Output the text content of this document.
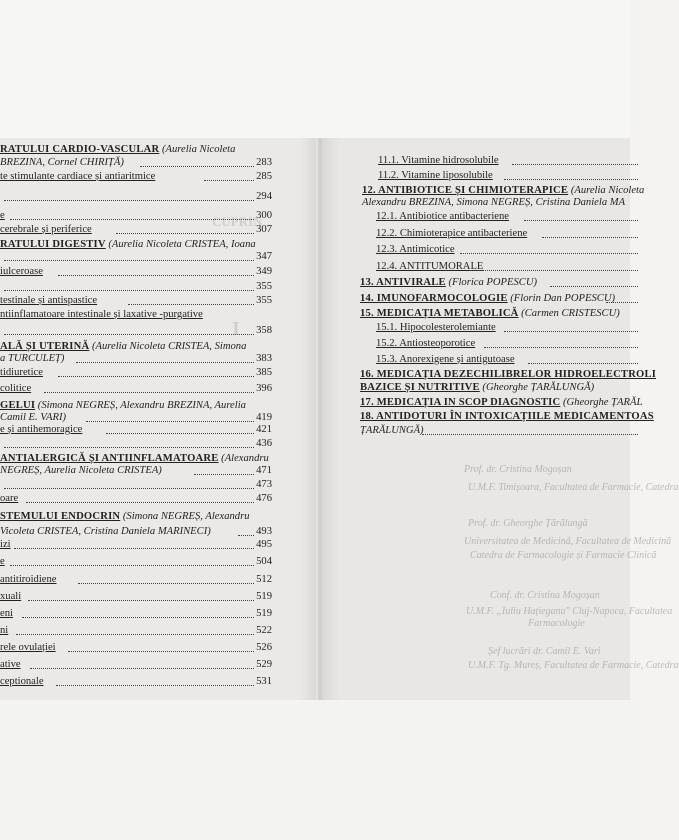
CUPRIN
I
RATULUI CARDIO-VASCULAR (Aurelia Nicoleta
BREZINA, Cornel CHIRIȚĂ)	283
te stimulante cardiace și antiaritmice	285
294
e	300
cerebrale și periferice	307
RATULUI DIGESTIV (Aurelia Nicoleta CRISTEA, Ioana
347
iulceroase	349
355
testinale și antispastice	355
ntiinflamatoare intestinale și laxative -purgative
358
ALĂ ȘI UTERINĂ (Aurelia Nicoleta CRISTEA, Simona
a TURCULEȚ)	383
tidiuretice	385
colitice	396
GELUI (Simona NEGREȘ, Alexandru BREZINA, Aurelia
Camil E. VARI)	419
e și antihemoragice	421
436
ANTIALERGICĂ ȘI ANTIINFLAMATOARE (Alexandru
NEGREȘ, Aurelia Nicoleta CRISTEA)	471
473
oare	476
STEMULUI ENDOCRIN (Simona NEGREȘ, Alexandru
Vicoleta CRISTEA, Cristina Daniela MARINECI)	493
izi	495
e	504
antitiroidiene	512
xuali	519
eni	519
ni	522
rele ovulației	526
ative	529
ceptionale	531
Prof. dr. Cristina Mogoșan
U.M.F. Timișoara, Facultatea de Farmacie, Catedra
Prof. dr. Gheorghe Țărălungă
Universitatea de Medicină, Facultatea de Medicină
Catedra de Farmacologie și Farmacie Clinică
Conf. dr. Cristina Mogoșan
U.M.F. „Iuliu Hațieganu" Cluj-Napoca, Facultatea
Farmacologie
Șef lucrări dr. Camil E. Vari
U.M.F. Tg. Mureș, Facultatea de Farmacie, Catedra
11.1. Vitamine hidrosolubile
11.2. Vitamine liposolubile
12. ANTIBIOTICE ȘI CHIMIOTERAPICE (Aurelia Nicoleta
Alexandru BREZINA, Simona NEGREȘ, Cristina Daniela MA
12.1. Antibiotice antibacteriene
12.2. Chimioterapice antibacteriene
12.3. Antimicotice
12.4. ANTITUMORALE
13. ANTIVIRALE (Florica POPESCU)
14. IMUNOFARMOCOLOGIE (Florin Dan POPESCU)
15. MEDICAȚIA METABOLICĂ (Carmen CRISTESCU)
15.1. Hipocolesterolemiante
15.2. Antiosteoporotice
15.3. Anorexigene și antigutoase
16. MEDICAȚIA DEZECHILIBRELOR HIDROELECTROLI
BAZICE ȘI NUTRITIVE (Gheorghe ȚARĂLUNGĂ)
17. MEDICAȚIA IN SCOP DIAGNOSTIC (Gheorghe ȚARĂL
18. ANTIDOTURI ÎN INTOXICAȚIILE MEDICAMENTOAS
ȚARĂLUNGĂ)
